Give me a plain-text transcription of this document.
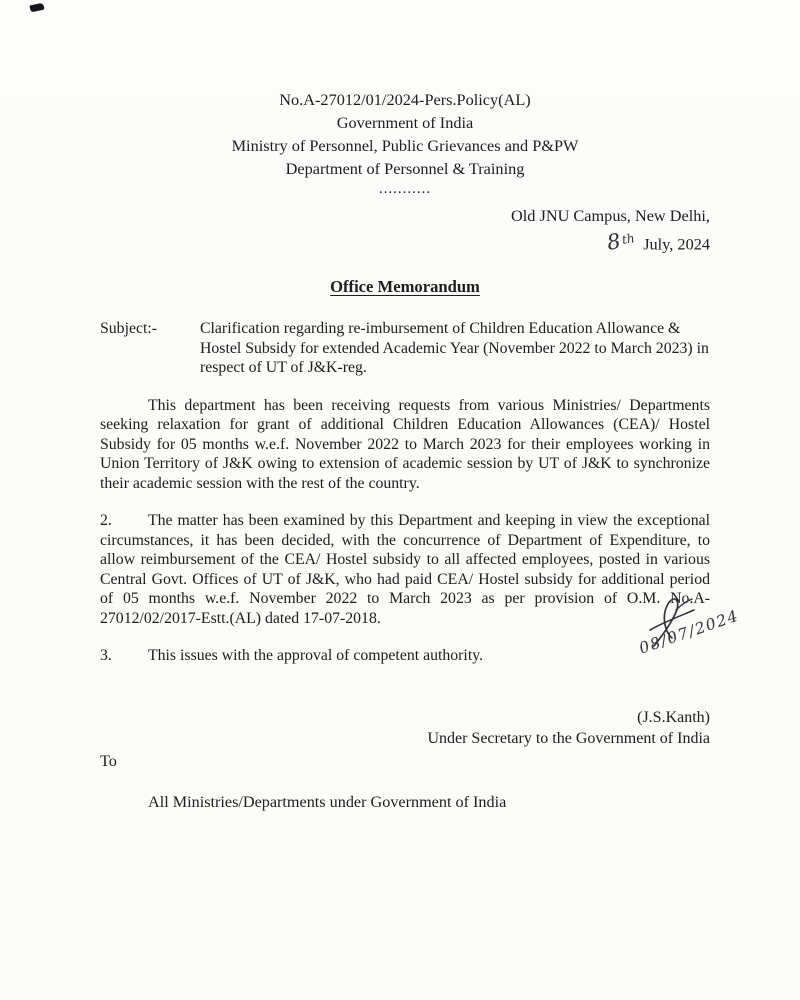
No.A-27012/01/2024-Pers.Policy(AL)
Government of India
Ministry of Personnel, Public Grievances and P&PW
Department of Personnel & Training
...........
Old JNU Campus, New Delhi,
8th July, 2024
Office Memorandum
Subject:-	Clarification regarding re-imbursement of Children Education Allowance & Hostel Subsidy for extended Academic Year (November 2022 to March 2023) in respect of UT of J&K-reg.

This department has been receiving requests from various Ministries/ Departments seeking relaxation for grant of additional Children Education Allowances (CEA)/ Hostel Subsidy for 05 months w.e.f. November 2022 to March 2023 for their employees working in Union Territory of J&K owing to extension of academic session by UT of J&K to synchronize their academic session with the rest of the country.

2. The matter has been examined by this Department and keeping in view the exceptional circumstances, it has been decided, with the concurrence of Department of Expenditure, to allow reimbursement of the CEA/ Hostel subsidy to all affected employees, posted in various Central Govt. Offices of UT of J&K, who had paid CEA/ Hostel subsidy for additional period of 05 months w.e.f. November 2022 to March 2023 as per provision of O.M. No.A-27012/02/2017-Estt.(AL) dated 17-07-2018.

3. This issues with the approval of competent authority.	08/07/2024
(J.S.Kanth)
Under Secretary to the Government of India
To
All Ministries/Departments under Government of India
